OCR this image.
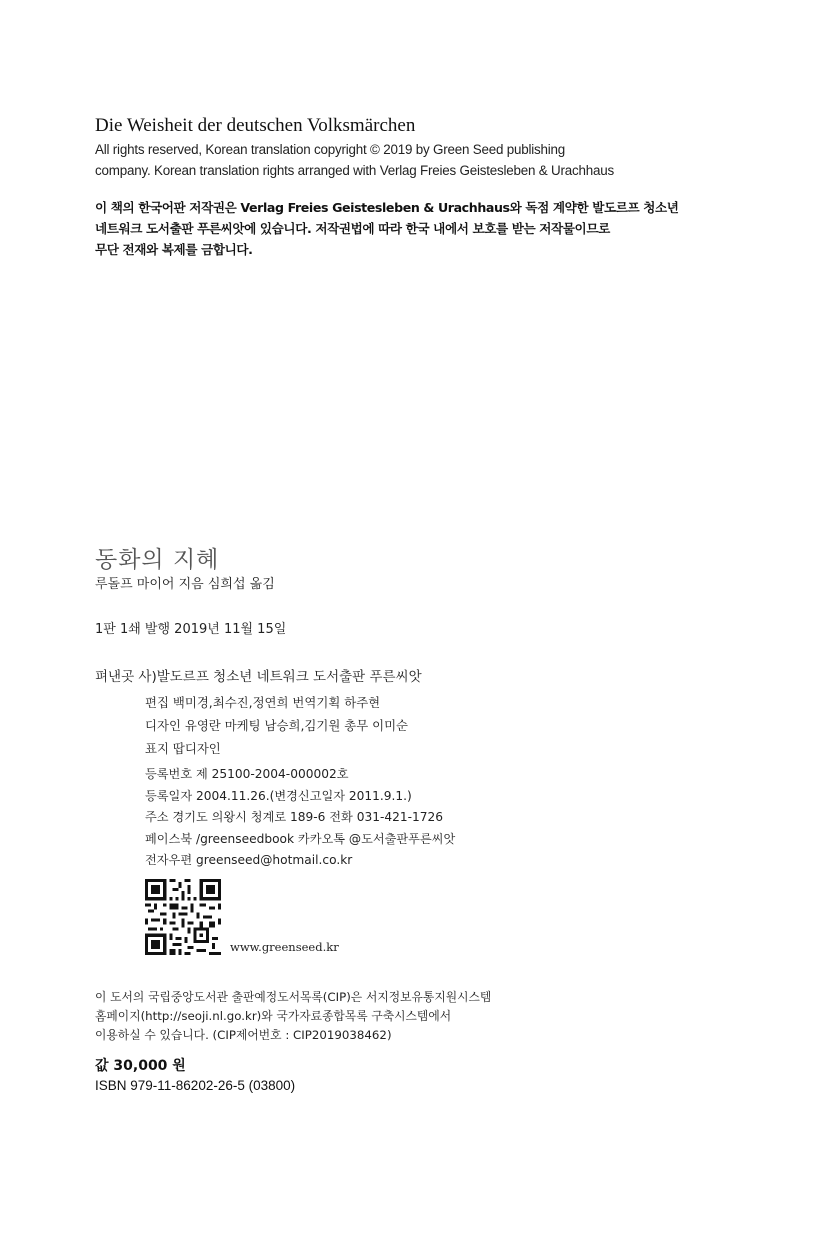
Die Weisheit der deutschen Volksmärchen
All rights reserved, Korean translation copyright © 2019 by Green Seed publishing
company. Korean translation rights arranged with Verlag Freies Geistesleben & Urachhaus
이 책의 한국어판 저작권은 Verlag Freies Geistesleben & Urachhaus와 독점 계약한 발도르프 청소년
네트워크 도서출판 푸른씨앗에 있습니다. 저작권법에 따라 한국 내에서 보호를 받는 저작물이므로
무단 전재와 복제를 금합니다.
동화의 지혜
루돌프 마이어 지음 심희섭 옮김
1판 1쇄 발행 2019년 11월 15일
펴낸곳 사)발도르프 청소년 네트워크 도서출판 푸른씨앗
편집 백미경,최수진,정연희 번역기획 하주현
디자인 유영란 마케팅 남승희,김기원 총무 이미순
표지 땁디자인
등록번호 제 25100-2004-000002호
등록일자 2004.11.26.(변경신고일자 2011.9.1.)
주소 경기도 의왕시 청계로 189-6 전화 031-421-1726
페이스북 /greenseedbook 카카오톡 @도서출판푸른씨앗
전자우편 greenseed@hotmail.co.kr
www.greenseed.kr
이 도서의 국립중앙도서관 출판예정도서목록(CIP)은 서지정보유통지원시스템
홈페이지(http://seoji.nl.go.kr)와 국가자료종합목록 구축시스템에서
이용하실 수 있습니다. (CIP제어번호 : CIP2019038462)
값 30,000 원
ISBN 979-11-86202-26-5 (03800)
